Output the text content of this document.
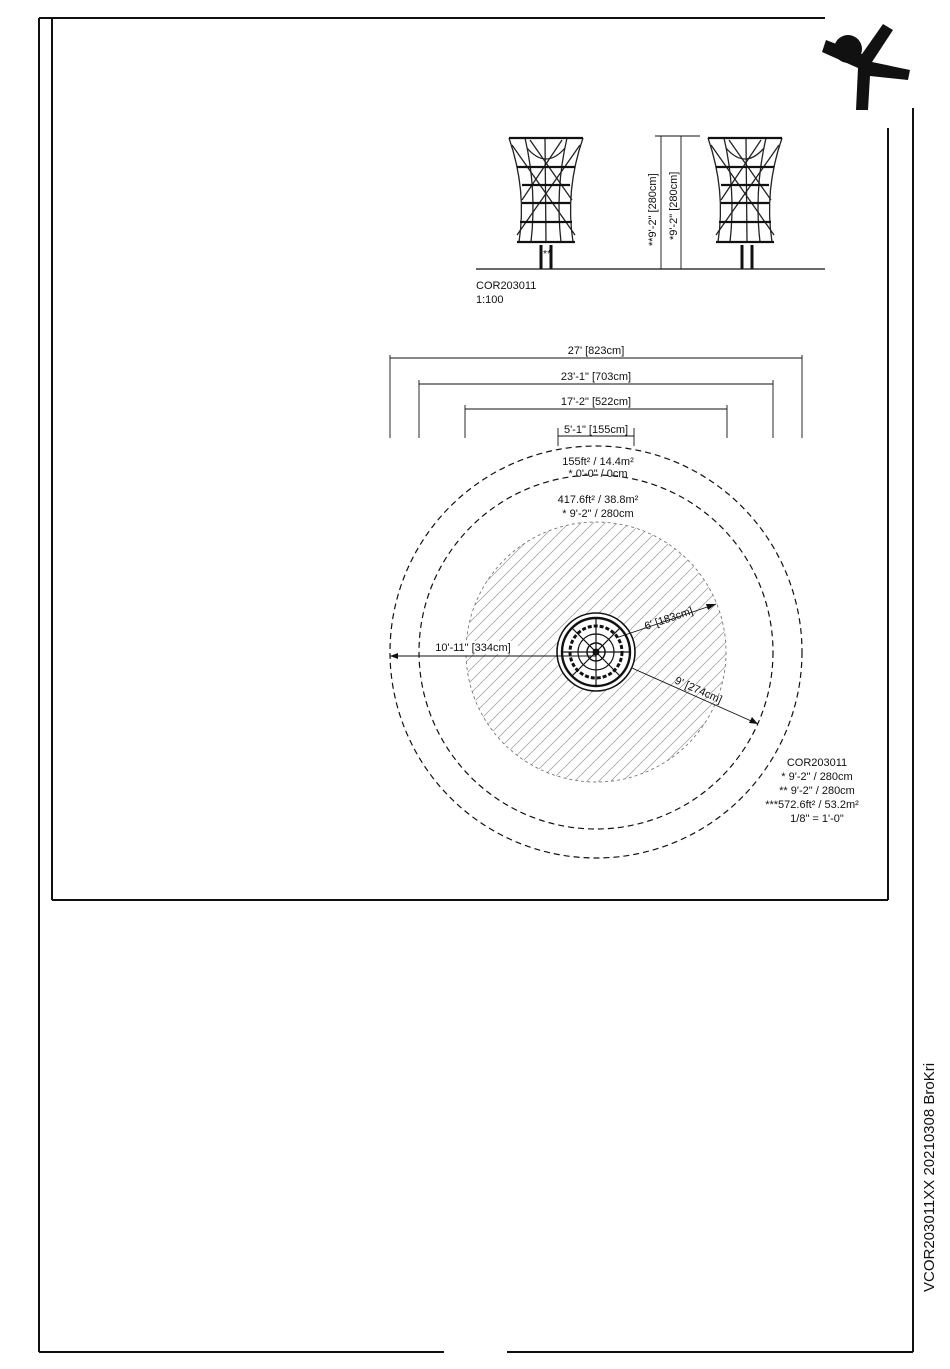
**
**9'-2" [280cm] *9'-2" [280cm]
COR203011
1:100
27' [823cm]
23'-1" [703cm]
17'-2" [522cm]
5'-1" [155cm]
155ft² / 14.4m²
* 0'-0" / 0cm
417.6ft² / 38.8m²
* 9'-2" / 280cm
10'-11" [334cm]
6' [183cm]
9' [274cm]
COR203011
* 9'-2" / 280cm
** 9'-2" / 280cm
***572.6ft² / 53.2m²
1/8" = 1'-0"
VCOR203011XX 20210308 BroKri
